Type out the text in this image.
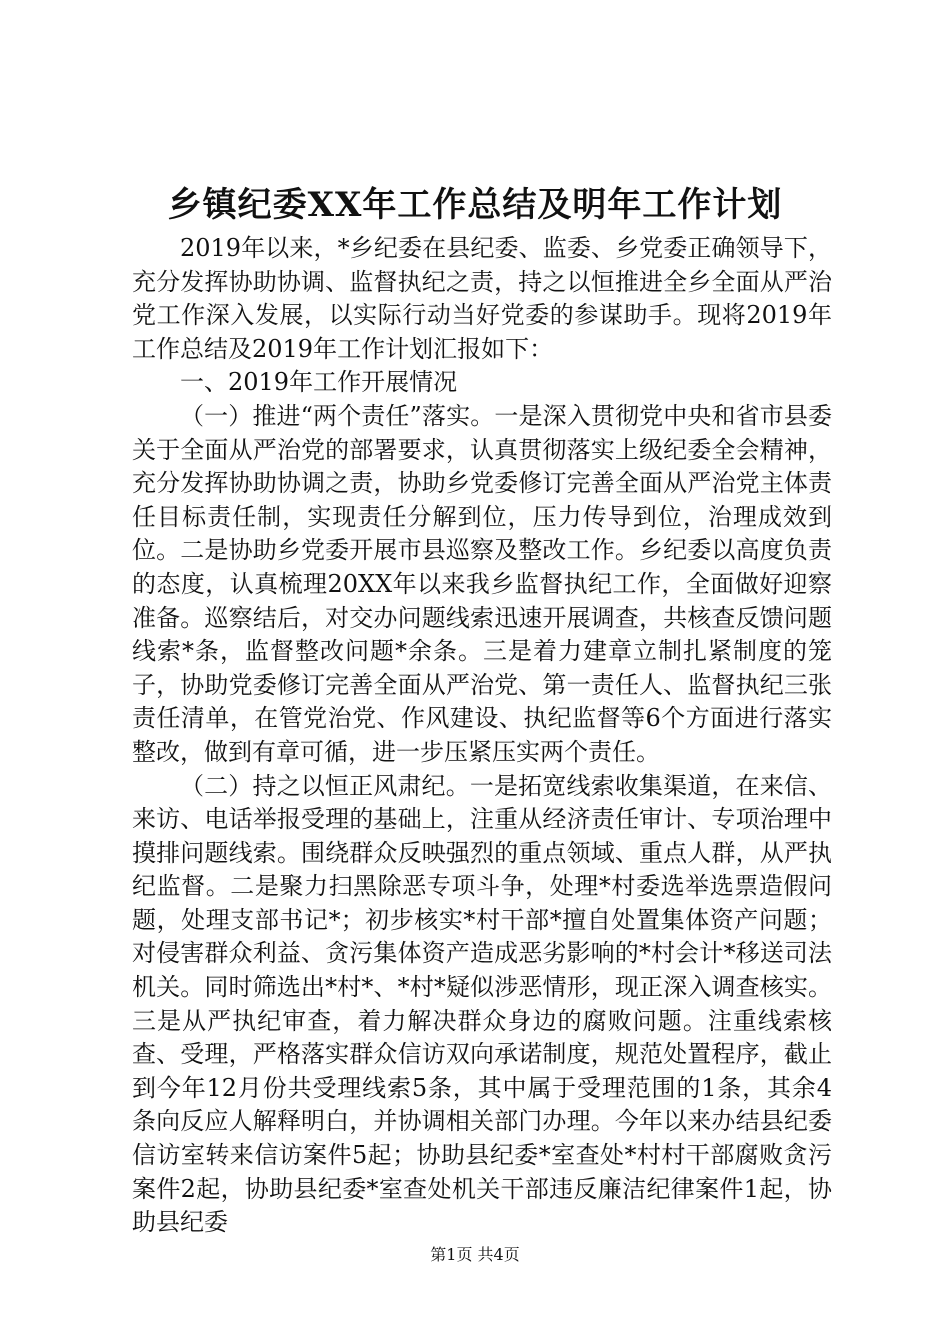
乡镇纪委XX年工作总结及明年工作计划

2019年以来，*乡纪委在县纪委、监委、乡党委正确领导下，充分发挥协助协调、监督执纪之责，持之以恒推进全乡全面从严治党工作深入发展，以实际行动当好党委的参谋助手。现将2019年工作总结及2019年工作计划汇报如下：

一、2019年工作开展情况

（一）推进“两个责任”落实。一是深入贯彻党中央和省市县委关于全面从严治党的部署要求，认真贯彻落实上级纪委全会精神，充分发挥协助协调之责，协助乡党委修订完善全面从严治党主体责任目标责任制，实现责任分解到位，压力传导到位，治理成效到位。二是协助乡党委开展市县巡察及整改工作。乡纪委以高度负责的态度，认真梳理20XX年以来我乡监督执纪工作，全面做好迎察准备。巡察结后，对交办问题线索迅速开展调查，共核查反馈问题线索*条，监督整改问题*余条。三是着力建章立制扎紧制度的笼子，协助党委修订完善全面从严治党、第一责任人、监督执纪三张责任清单，在管党治党、作风建设、执纪监督等6个方面进行落实整改，做到有章可循，进一步压紧压实两个责任。

（二）持之以恒正风肃纪。一是拓宽线索收集渠道，在来信、来访、电话举报受理的基础上，注重从经济责任审计、专项治理中摸排问题线索。围绕群众反映强烈的重点领域、重点人群，从严执纪监督。二是聚力扫黑除恶专项斗争，处理*村委选举选票造假问题，处理支部书记*；初步核实*村干部*擅自处置集体资产问题；对侵害群众利益、贪污集体资产造成恶劣影响的*村会计*移送司法机关。同时筛选出*村*、*村*疑似涉恶情形，现正深入调查核实。三是从严执纪审查，着力解决群众身边的腐败问题。注重线索核查、受理，严格落实群众信访双向承诺制度，规范处置程序，截止到今年12月份共受理线索5条，其中属于受理范围的1条，其余4条向反应人解释明白，并协调相关部门办理。今年以来办结县纪委信访室转来信访案件5起；协助县纪委*室查处*村村干部腐败贪污案件2起，协助县纪委*室查处机关干部违反廉洁纪律案件1起，协助县纪委

第1页 共4页
